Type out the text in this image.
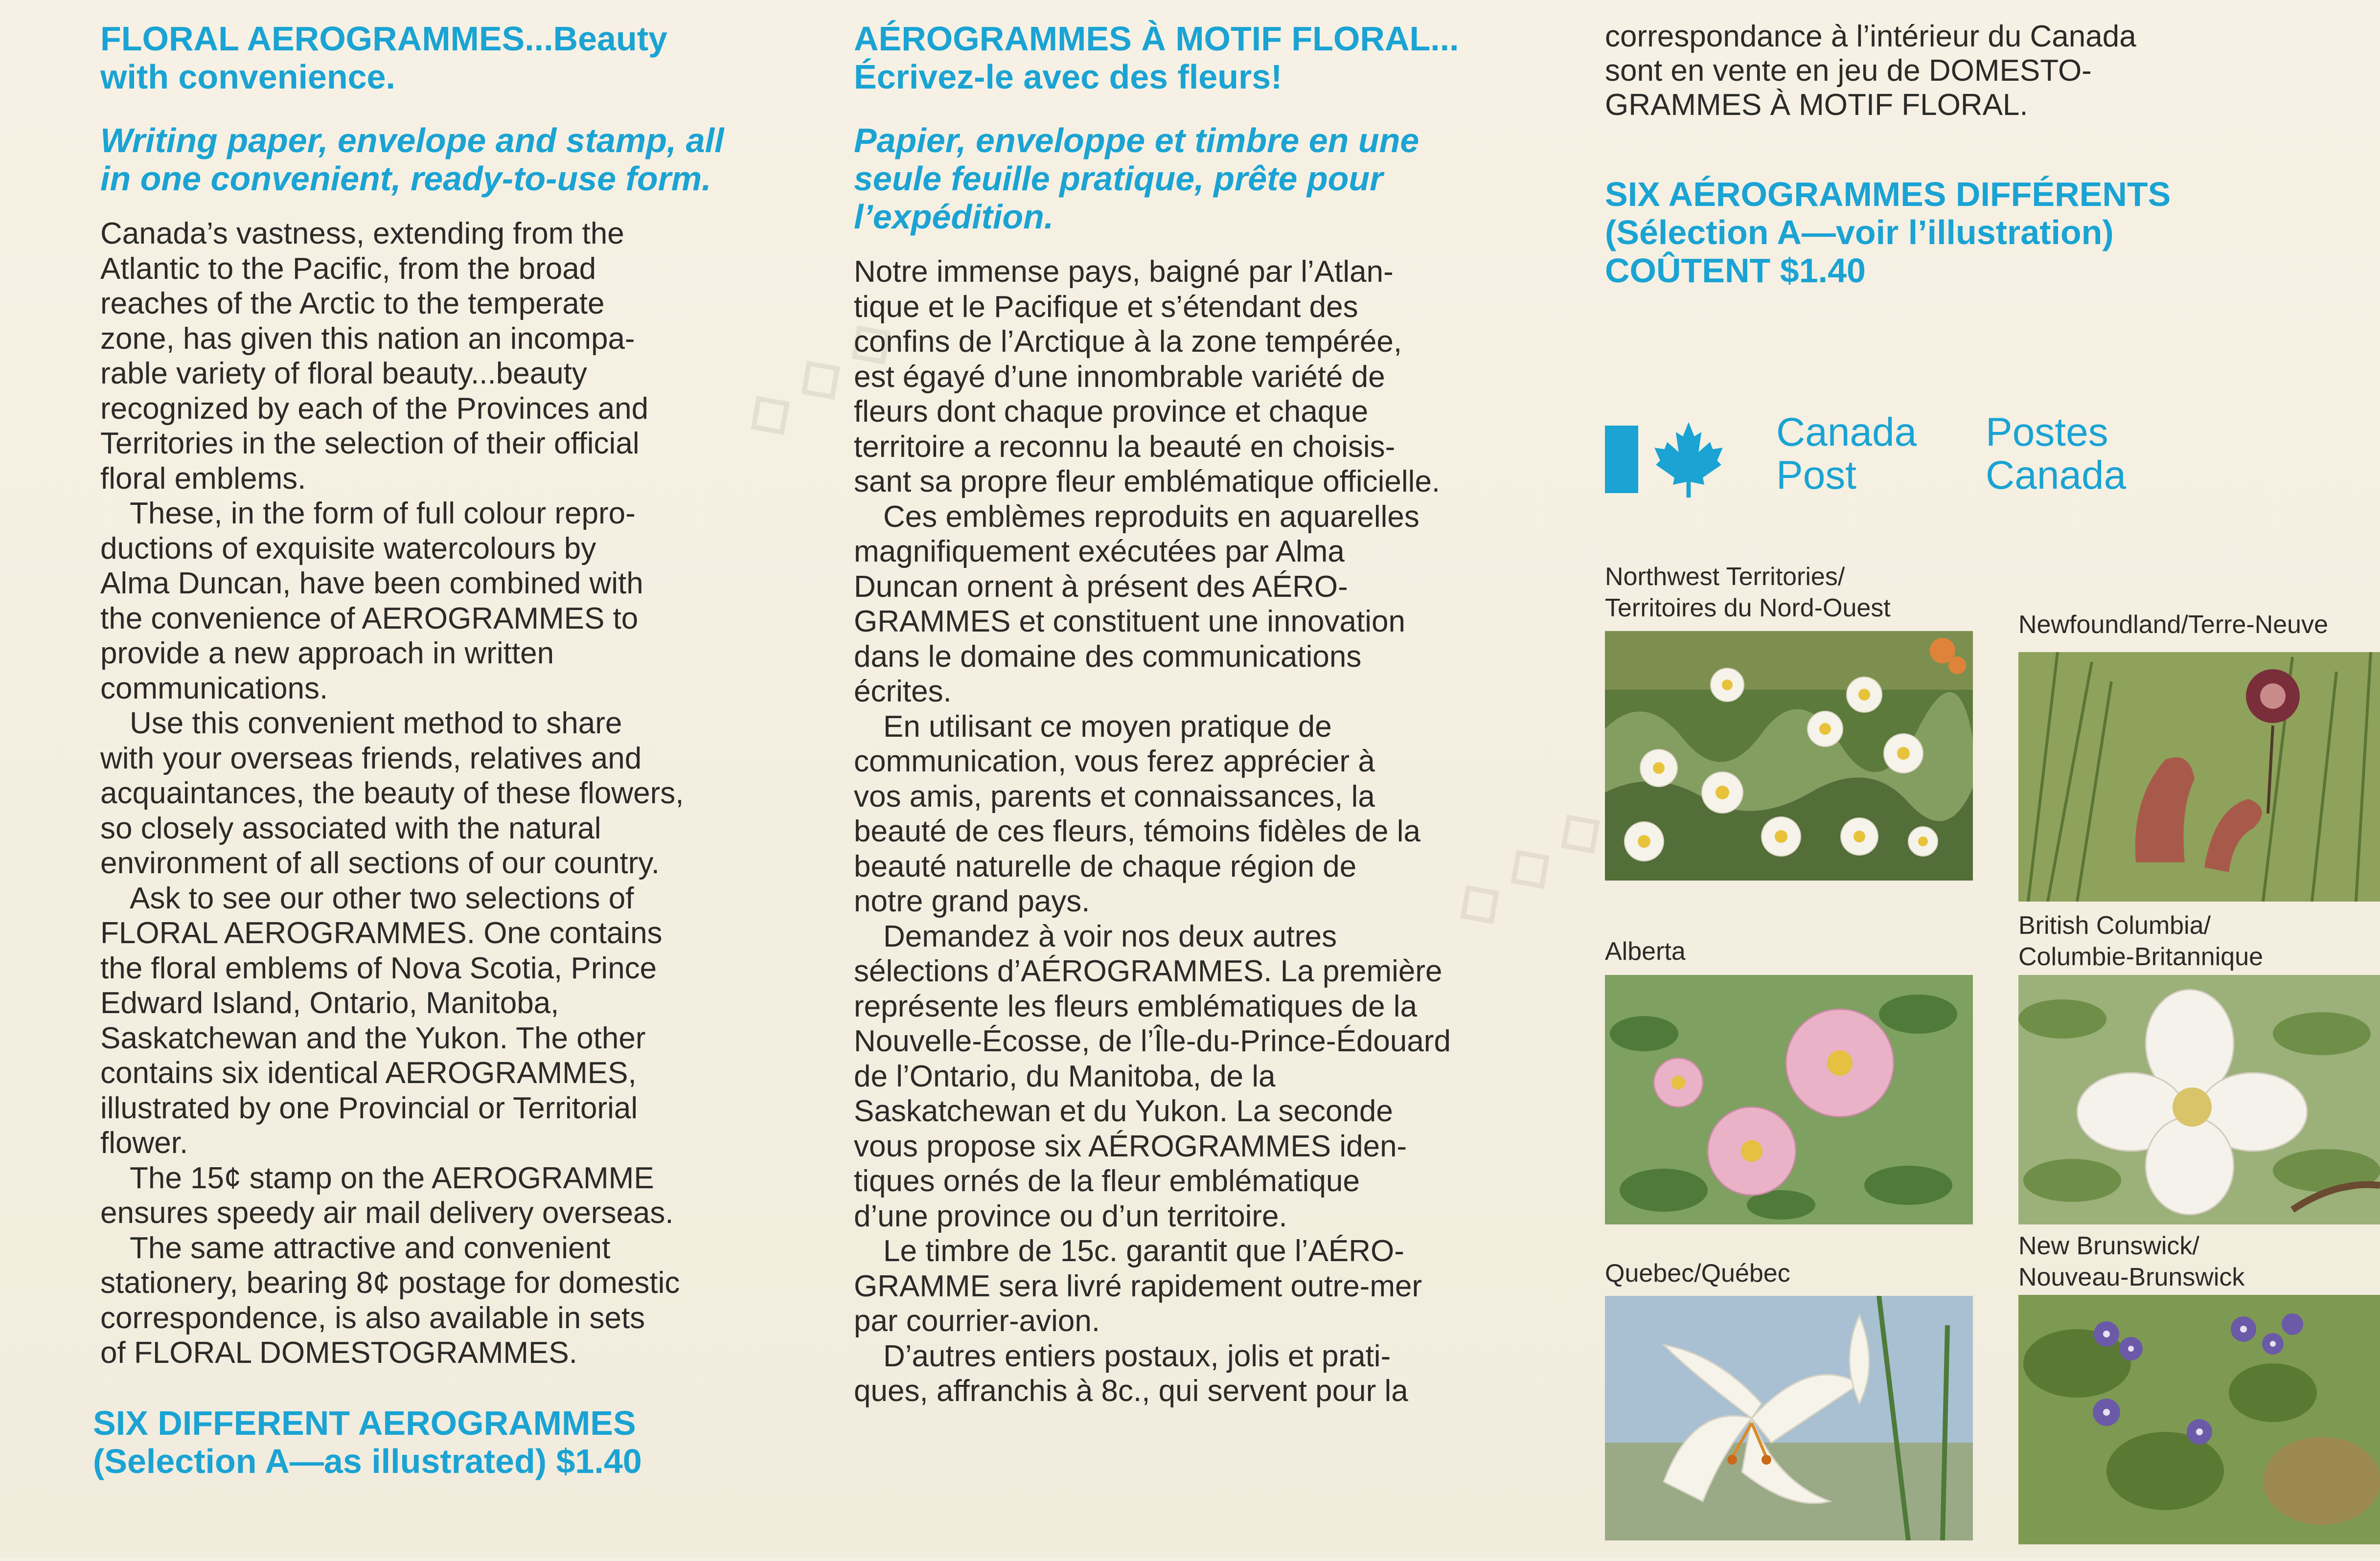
◇ ◇ ◇
◇ ◇ ◇
FLORAL AEROGRAMMES...Beauty
with convenience.
Writing paper, envelope and stamp, all
in one convenient, ready-to-use form.

Canada’s vastness, extending from the
Atlantic to the Pacific, from the broad
reaches of the Arctic to the temperate
zone, has given this nation an incompa-
rable variety of floral beauty...beauty
recognized by each of the Provinces and
Territories in the selection of their official
floral emblems.

These, in the form of full colour repro-
ductions of exquisite watercolours by
Alma Duncan, have been combined with
the convenience of AEROGRAMMES to
provide a new approach in written
communications.

Use this convenient method to share
with your overseas friends, relatives and
acquaintances, the beauty of these flowers,
so closely associated with the natural
environment of all sections of our country.

Ask to see our other two selections of
FLORAL AEROGRAMMES. One contains
the floral emblems of Nova Scotia, Prince
Edward Island, Ontario, Manitoba,
Saskatchewan and the Yukon. The other
contains six identical AEROGRAMMES,
illustrated by one Provincial or Territorial
flower.

The 15¢ stamp on the AEROGRAMME
ensures speedy air mail delivery overseas.

The same attractive and convenient
stationery, bearing 8¢ postage for domestic
correspondence, is also available in sets
of FLORAL DOMESTOGRAMMES.

SIX DIFFERENT AEROGRAMMES
(Selection A—as illustrated) $1.40
AÉROGRAMMES À MOTIF FLORAL...
Écrivez-le avec des fleurs!
Papier, enveloppe et timbre en une
seule feuille pratique, prête pour
l’expédition.

Notre immense pays, baigné par l’Atlan-
tique et le Pacifique et s’étendant des
confins de l’Arctique à la zone tempérée,
est égayé d’une innombrable variété de
fleurs dont chaque province et chaque
territoire a reconnu la beauté en choisis-
sant sa propre fleur emblématique officielle.

Ces emblèmes reproduits en aquarelles
magnifiquement exécutées par Alma
Duncan ornent à présent des AÉRO-
GRAMMES et constituent une innovation
dans le domaine des communications
écrites.

En utilisant ce moyen pratique de
communication, vous ferez apprécier à
vos amis, parents et connaissances, la
beauté de ces fleurs, témoins fidèles de la
beauté naturelle de chaque région de
notre grand pays.

Demandez à voir nos deux autres
sélections d’AÉROGRAMMES. La première
représente les fleurs emblématiques de la
Nouvelle-Écosse, de l’Île-du-Prince-Édouard
de l’Ontario, du Manitoba, de la
Saskatchewan et du Yukon. La seconde
vous propose six AÉROGRAMMES iden-
tiques ornés de la fleur emblématique
d’une province ou d’un territoire.

Le timbre de 15c. garantit que l’AÉRO-
GRAMME sera livré rapidement outre-mer
par courrier-avion.

D’autres entiers postaux, jolis et prati-
ques, affranchis à 8c., qui servent pour la

correspondance à l’intérieur du Canada
sont en vente en jeu de DOMESTO-
GRAMMES À MOTIF FLORAL.
SIX AÉROGRAMMES DIFFÉRENTS
(Sélection A—voir l’illustration)
COÛTENT $1.40
Canada
Post
Postes
Canada
Northwest Territories/
Territoires du Nord-Ouest
Newfoundland/Terre-Neuve
Alberta
British Columbia/
Columbie-Britannique
Quebec/Québec
New Brunswick/
Nouveau-Brunswick
